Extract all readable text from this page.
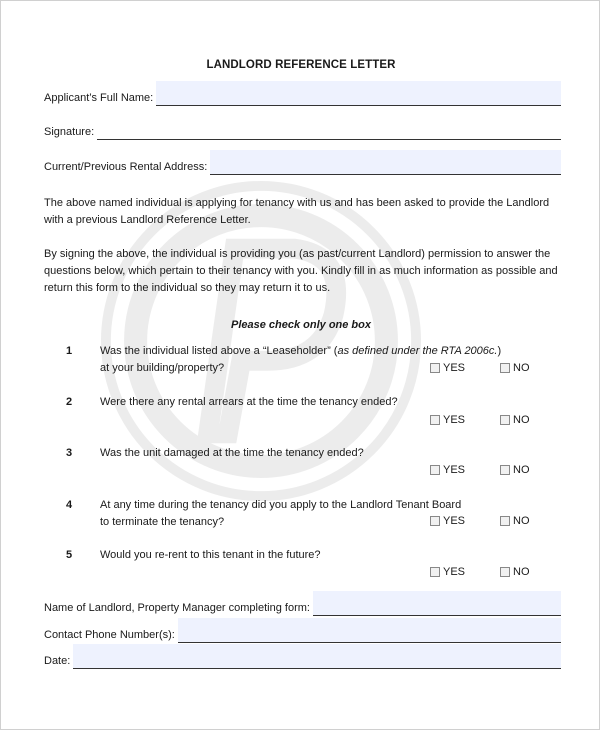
LANDLORD REFERENCE LETTER
Applicant’s Full Name:
Signature:
Current/Previous Rental Address:
The above named individual is applying for tenancy with us and has been asked to provide the Landlord with a previous Landlord Reference Letter.
By signing the above, the individual is providing you (as past/current Landlord) permission to answer the questions below, which pertain to their tenancy with you. Kindly fill in as much information as possible and return this form to the individual so they may return it to us.
Please check only one box
1	Was the individual listed above a “Leaseholder” (as defined under the RTA 2006c.)
at your building/property?	YES	NO
2	Were there any rental arrears at the time the tenancy ended?
YES	NO
3	Was the unit damaged at the time the tenancy ended?
YES	NO
4	At any time during the tenancy did you apply to the Landlord Tenant Board
to terminate the tenancy?	YES	NO
5	Would you re-rent to this tenant in the future?
YES	NO
Name of Landlord, Property Manager completing form:
Contact Phone Number(s):
Date:
